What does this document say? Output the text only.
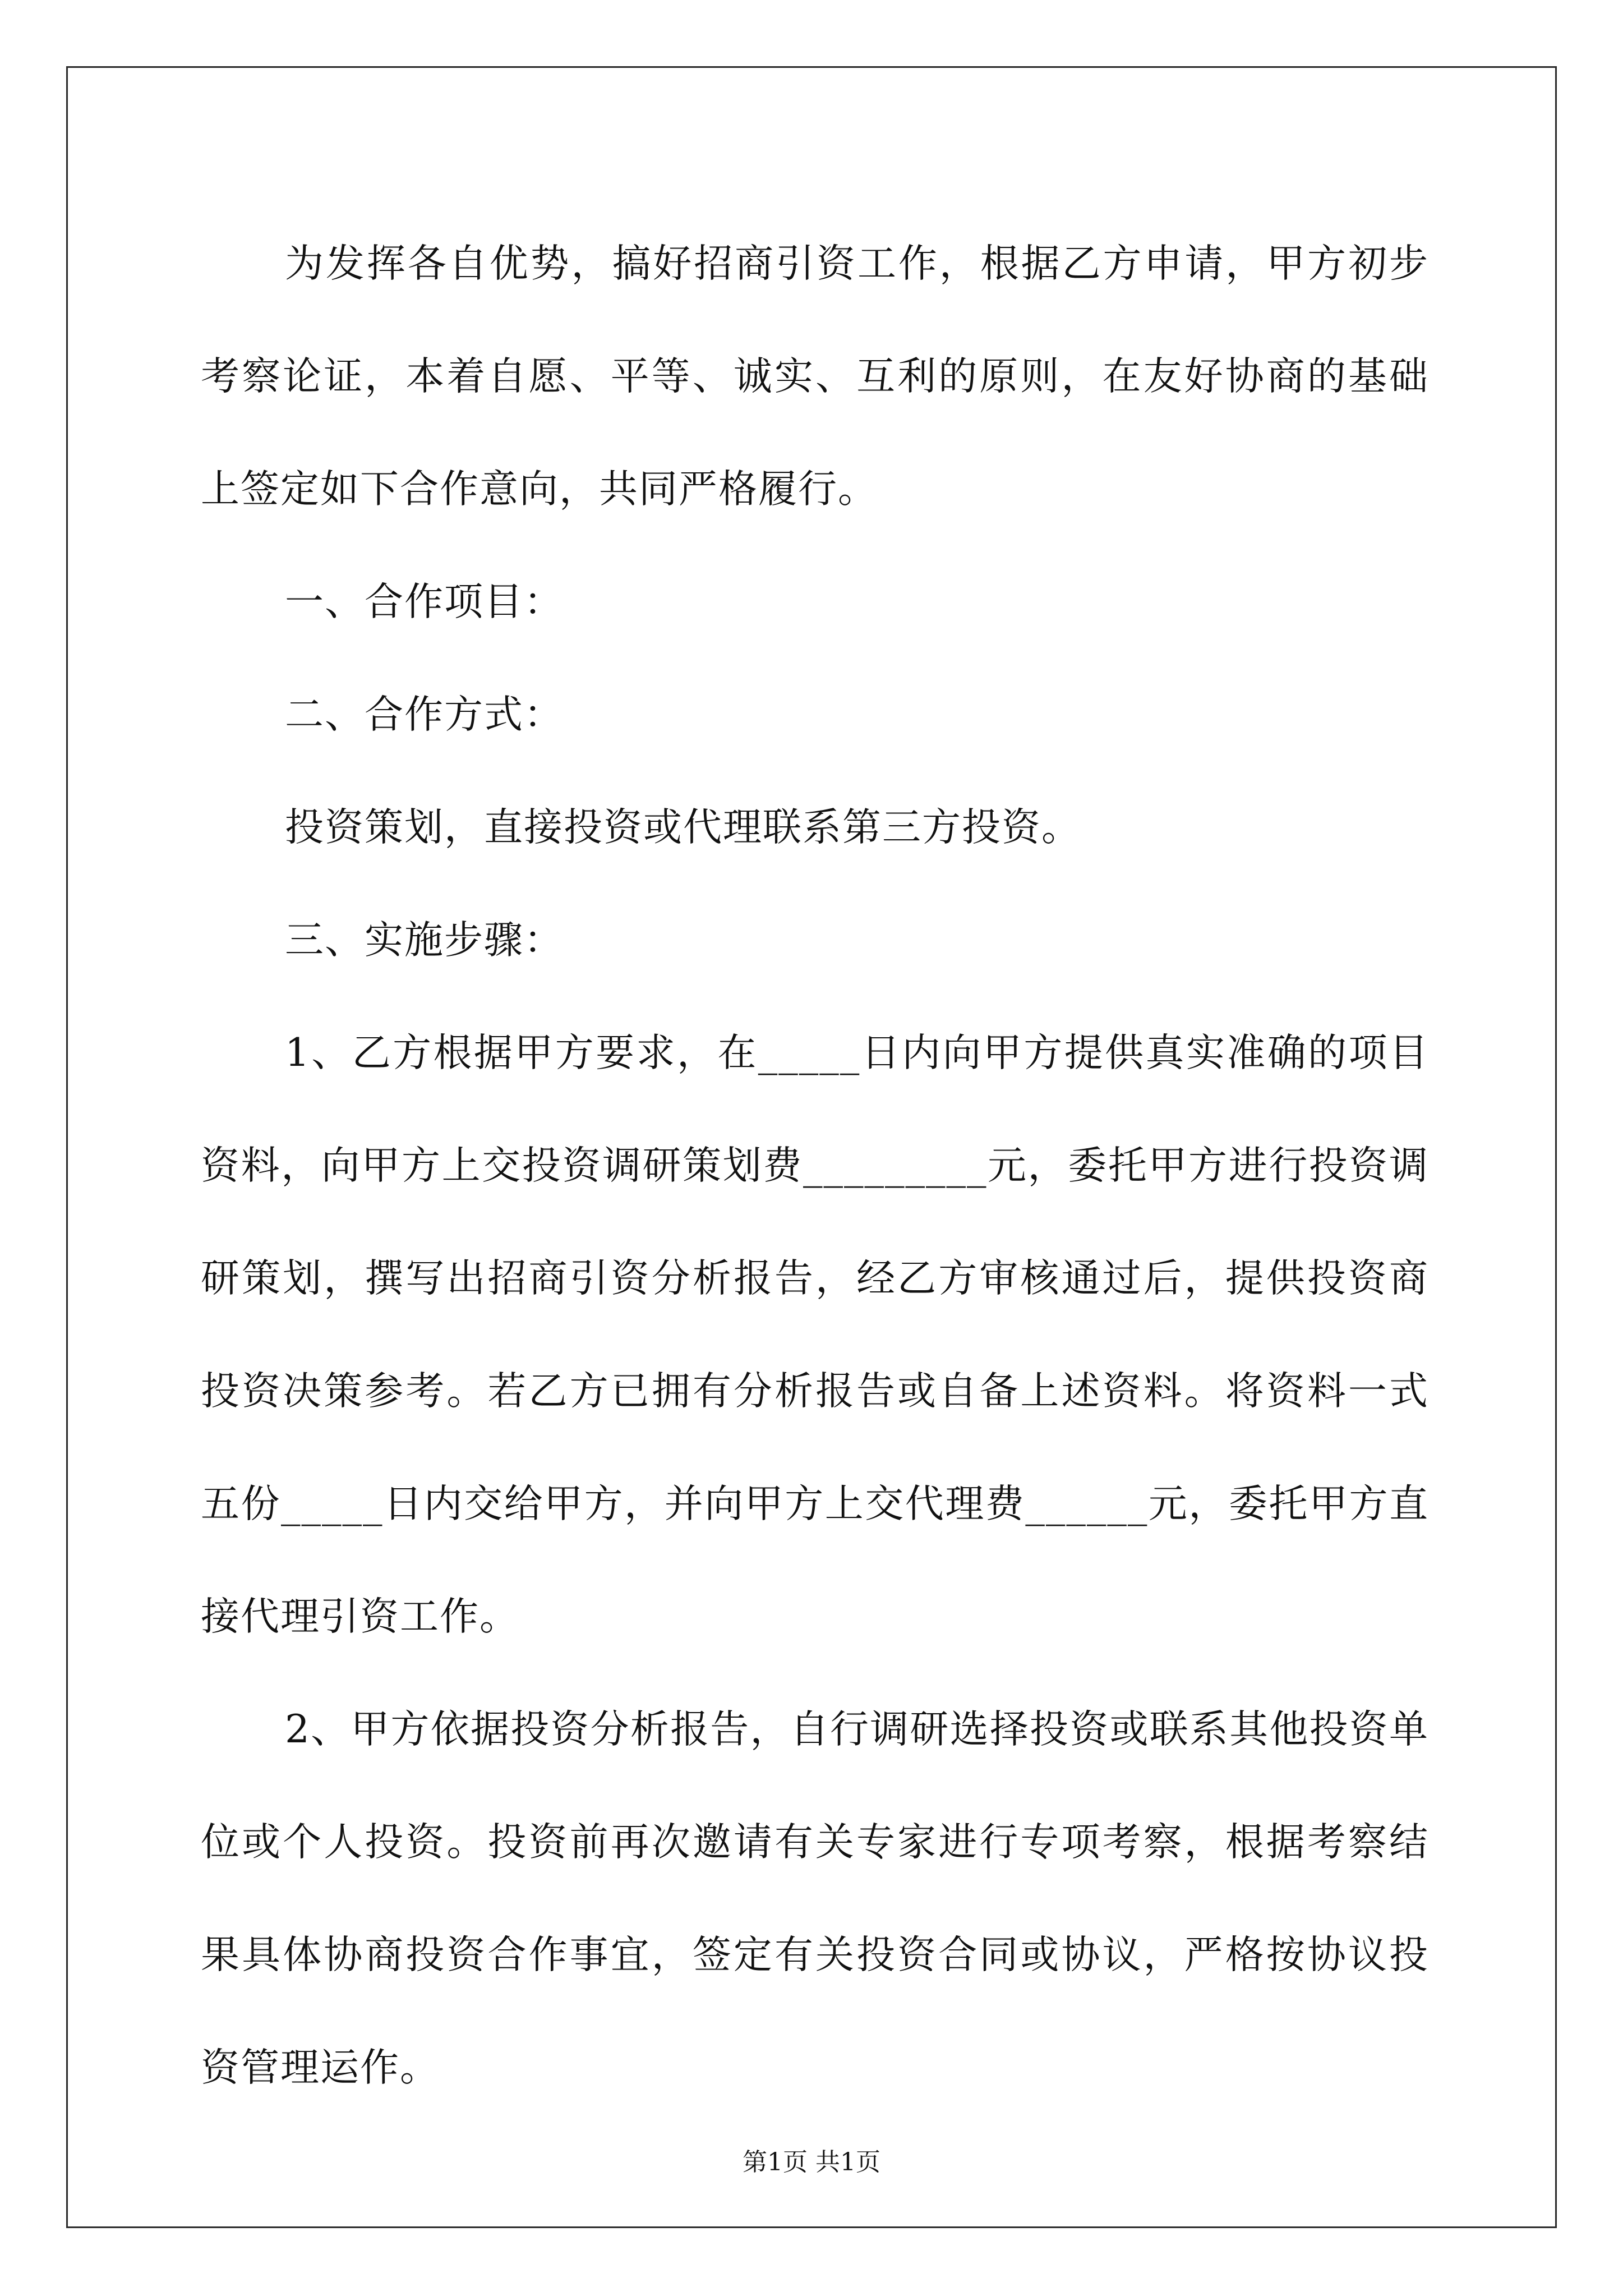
为发挥各自优势，搞好招商引资工作，根据乙方申请，甲方初步考察论证，本着自愿、平等、诚实、互利的原则，在友好协商的基础上签定如下合作意向，共同严格履行。

一、合作项目：

二、合作方式：

投资策划，直接投资或代理联系第三方投资。

三、实施步骤：

1、乙方根据甲方要求，在_____日内向甲方提供真实准确的项目资料，向甲方上交投资调研策划费_________元，委托甲方进行投资调研策划，撰写出招商引资分析报告，经乙方审核通过后，提供投资商投资决策参考。若乙方已拥有分析报告或自备上述资料。将资料一式五份_____日内交给甲方，并向甲方上交代理费______元，委托甲方直接代理引资工作。

2、甲方依据投资分析报告，自行调研选择投资或联系其他投资单位或个人投资。投资前再次邀请有关专家进行专项考察，根据考察结果具体协商投资合作事宜，签定有关投资合同或协议，严格按协议投资管理运作。

第1页 共1页
